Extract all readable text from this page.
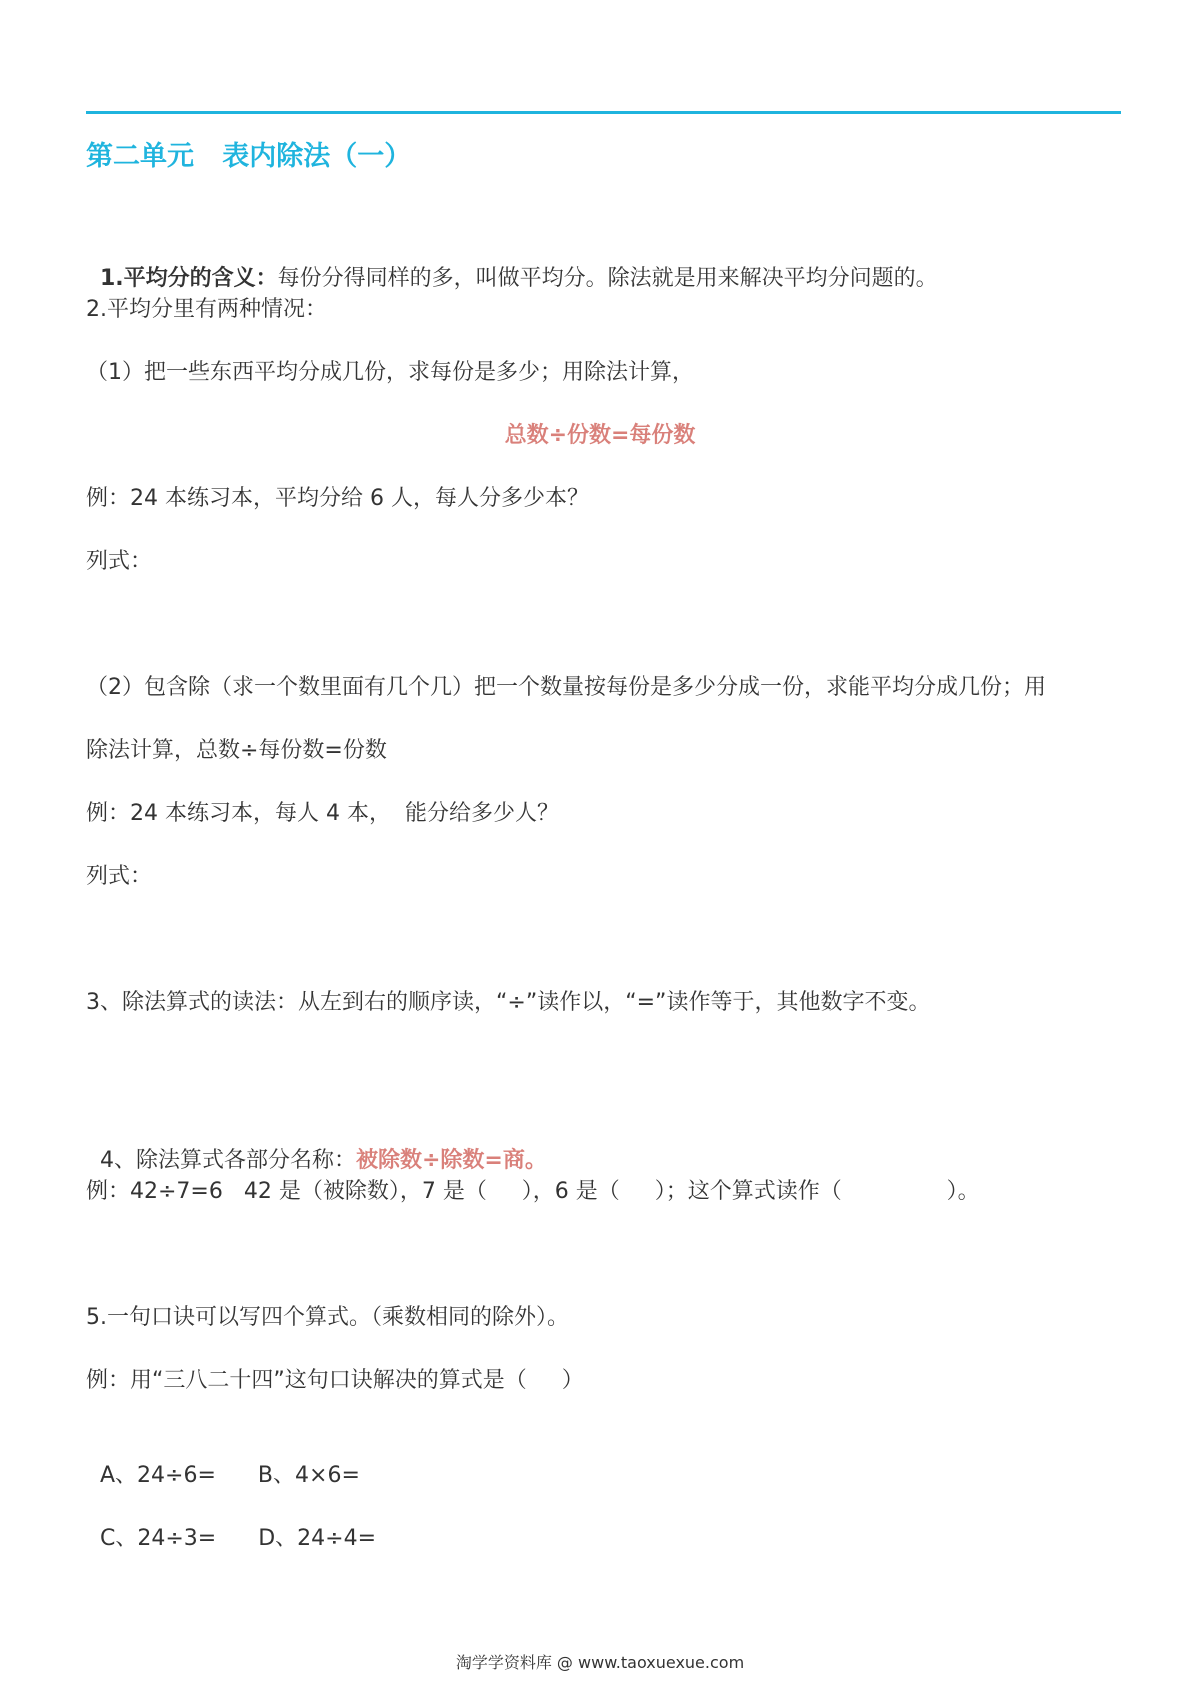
第二单元   表内除法（一）

1.平均分的含义：每份分得同样的多，叫做平均分。除法就是用来解决平均分问题的。

2.平均分里有两种情况：
（1）把一些东西平均分成几份，求每份是多少；用除法计算，
总数÷份数=每份数
例：24 本练习本，平均分给 6 人，每人分多少本？
列式：
（2）包含除（求一个数里面有几个几）把一个数量按每份是多少分成一份，求能平均分成几份；用
除法计算，总数÷每份数=份数
例：24 本练习本，每人 4 本，  能分给多少人？
列式：
3、除法算式的读法：从左到右的顺序读，“÷”读作以，“=”读作等于，其他数字不变。

4、除法算式各部分名称：被除数÷除数=商。

例：42÷7=6   42 是（被除数），7 是（     ），6 是（     ）；这个算式读作（               ）。
5.一句口诀可以写四个算式。（乘数相同的除外）。
例：用“三八二十四”这句口诀解决的算式是（     ）

A、24÷6= B、4×6=

C、24÷3= D、24÷4=

淘学学资料库 @ www.taoxuexue.com
